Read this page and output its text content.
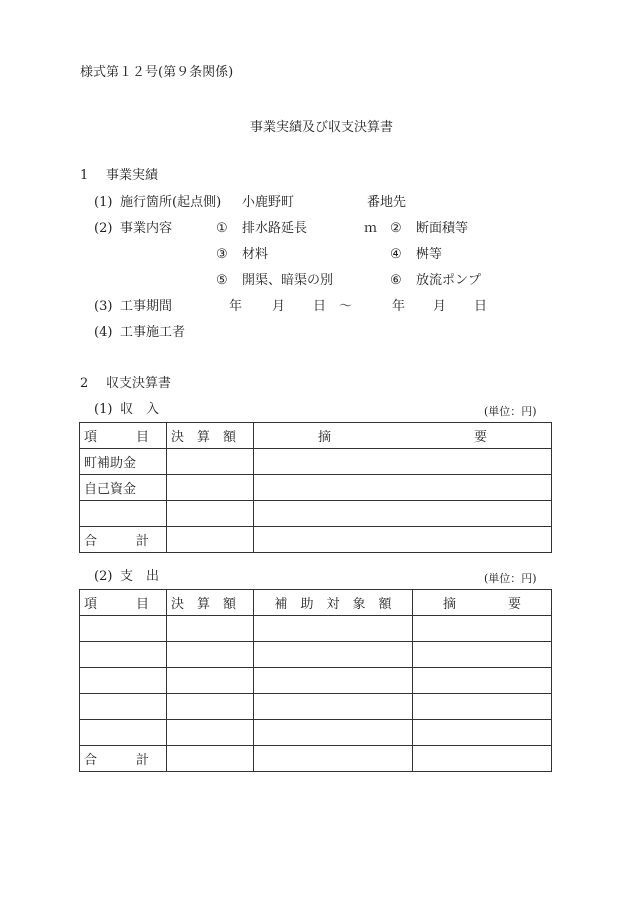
様式第１２号(第９条関係)
事業実績及び収支決算書
1 事業実績
(1) 施行箇所(起点側) 小鹿野町	番地先
(2) 事業内容	① 排水路延長	ｍ ② 断面積等
③ 材料	④ 桝等
⑤ 開渠、暗渠の別	⑥ 放流ポンプ
(3) 工事期間	年 月 日 〜	年 月 日
(4) 工事施工者
2 収支決算書
(1) 収　入	(単位：円)
項　　　目	決　算　額	摘　　　　　　　　　　　要
町補助金		
自己資金		

合　　　計		
(2) 支　出	(単位：円)
項　　　目	決　算　額	補　助　対　象　額	摘　　　　要

合　　　計			
